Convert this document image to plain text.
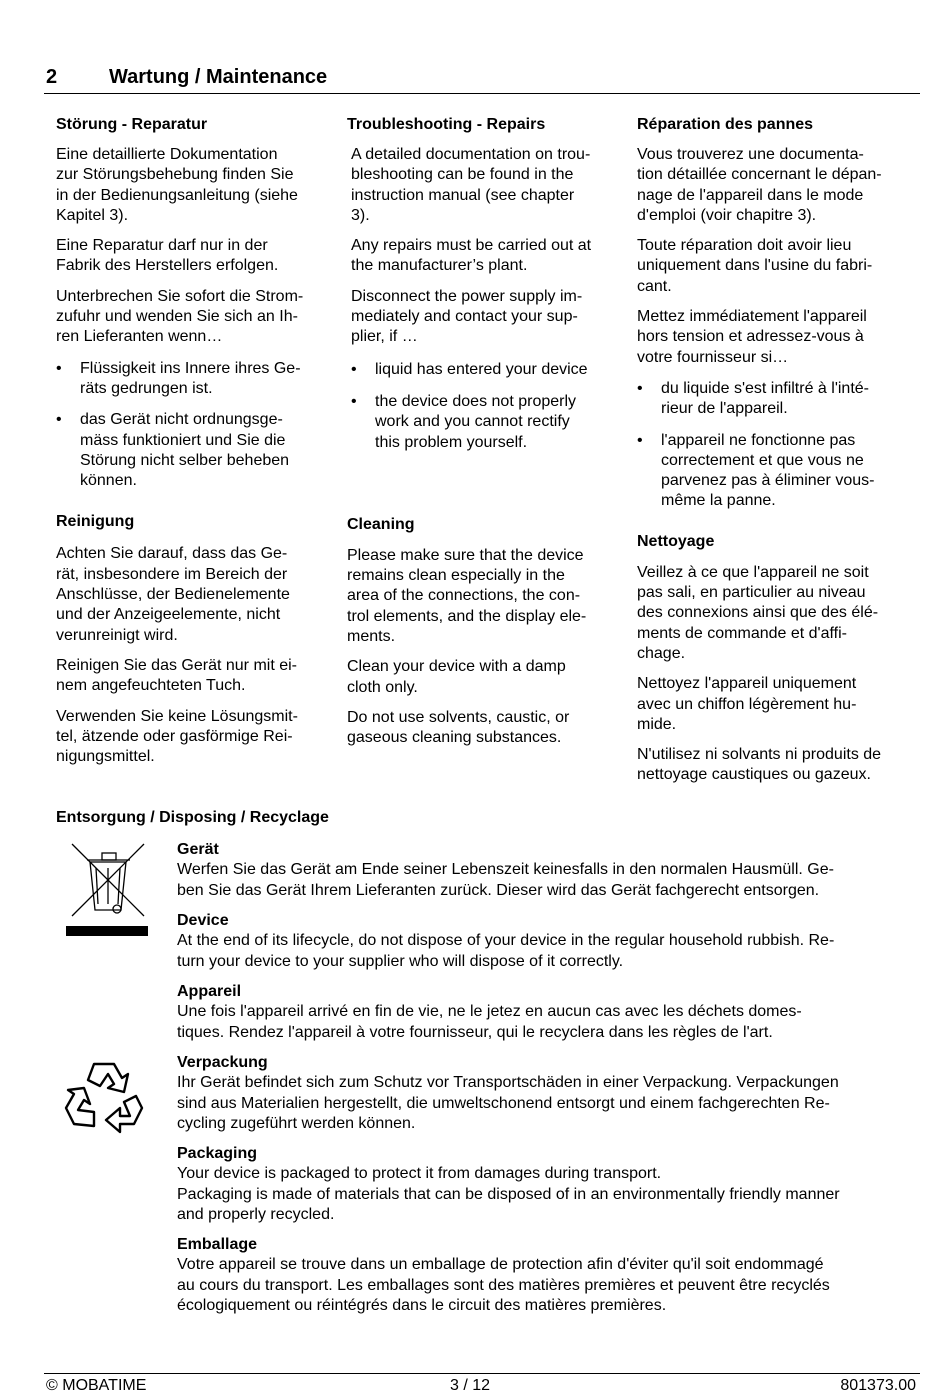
2	Wartung / Maintenance
Störung - Reparatur

Eine detaillierte Dokumentation
zur Störungsbehebung finden Sie
in der Bedienungsanleitung (siehe
Kapitel 3).

Eine Reparatur darf nur in der
Fabrik des Herstellers erfolgen.

Unterbrechen Sie sofort die Strom-
zufuhr und wenden Sie sich an Ih-
ren Lieferanten wenn…

• Flüssigkeit ins Innere ihres Ge-
räts gedrungen ist.
• das Gerät nicht ordnungsge-
mäss funktioniert und Sie die
Störung nicht selber beheben
können.
Reinigung

Achten Sie darauf, dass das Ge-
rät, insbesondere im Bereich der
Anschlüsse, der Bedienelemente
und der Anzeigeelemente, nicht
verunreinigt wird.

Reinigen Sie das Gerät nur mit ei-
nem angefeuchteten Tuch.

Verwenden Sie keine Lösungsmit-
tel, ätzende oder gasförmige Rei-
nigungsmittel.

Troubleshooting - Repairs

A detailed documentation on trou-
bleshooting can be found in the
instruction manual (see chapter
3).

Any repairs must be carried out at
the manufacturer’s plant.

Disconnect the power supply im-
mediately and contact your sup-
plier, if …

• liquid has entered your device
• the device does not properly
work and you cannot rectify
this problem yourself.
Cleaning

Please make sure that the device
remains clean especially in the
area of the connections, the con-
trol elements, and the display ele-
ments.

Clean your device with a damp
cloth only.

Do not use solvents, caustic, or
gaseous cleaning substances.

Réparation des pannes

Vous trouverez une documenta-
tion détaillée concernant le dépan-
nage de l'appareil dans le mode
d'emploi (voir chapitre 3).

Toute réparation doit avoir lieu
uniquement dans l'usine du fabri-
cant.

Mettez immédiatement l'appareil
hors tension et adressez-vous à
votre fournisseur si…

• du liquide s'est infiltré à l'inté-
rieur de l'appareil.
• l'appareil ne fonctionne pas
correctement et que vous ne
parvenez pas à éliminer vous-
même la panne.
Nettoyage

Veillez à ce que l'appareil ne soit
pas sali, en particulier au niveau
des connexions ainsi que des élé-
ments de commande et d'affi-
chage.

Nettoyez l'appareil uniquement
avec un chiffon légèrement hu-
mide.

N'utilisez ni solvants ni produits de
nettoyage caustiques ou gazeux.

Entsorgung / Disposing / Recyclage
Gerät

Werfen Sie das Gerät am Ende seiner Lebenszeit keinesfalls in den normalen Hausmüll. Ge-
ben Sie das Gerät Ihrem Lieferanten zurück. Dieser wird das Gerät fachgerecht entsorgen.

Device

At the end of its lifecycle, do not dispose of your device in the regular household rubbish. Re-
turn your device to your supplier who will dispose of it correctly.

Appareil

Une fois l'appareil arrivé en fin de vie, ne le jetez en aucun cas avec les déchets domes-
tiques. Rendez l'appareil à votre fournisseur, qui le recyclera dans les règles de l'art.

Verpackung

Ihr Gerät befindet sich zum Schutz vor Transportschäden in einer Verpackung. Verpackungen
sind aus Materialien hergestellt, die umweltschonend entsorgt und einem fachgerechten Re-
cycling zugeführt werden können.

Packaging

Your device is packaged to protect it from damages during transport.
Packaging is made of materials that can be disposed of in an environmentally friendly manner
and properly recycled.

Emballage

Votre appareil se trouve dans un emballage de protection afin d'éviter qu'il soit endommagé
au cours du transport. Les emballages sont des matières premières et peuvent être recyclés
écologiquement ou réintégrés dans le circuit des matières premières.

© MOBATIME	3 / 12	801373.00
